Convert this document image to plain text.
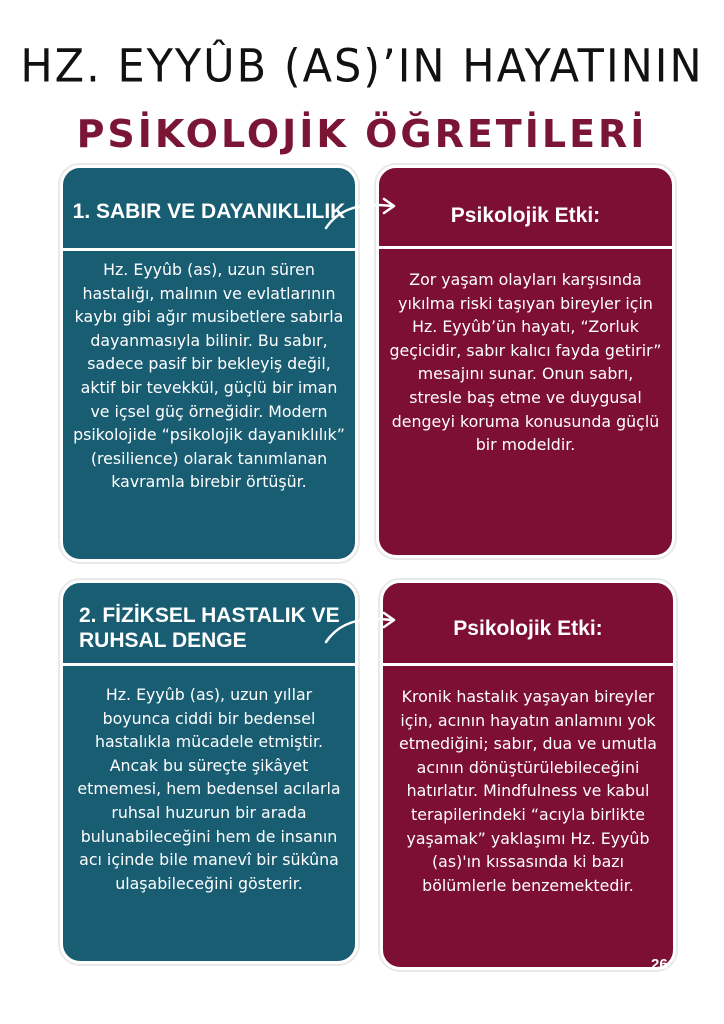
HZ. EYYÛB (AS)’IN HAYATININ
PSİKOLOJİK ÖĞRETİLERİ
1. SABIR VE DAYANIKLILIK
Hz. Eyyûb (as), uzun süren hastalığı, malının ve evlatlarının kaybı gibi ağır musibetlere sabırla dayanmasıyla bilinir. Bu sabır, sadece pasif bir bekleyiş değil, aktif bir tevekkül, güçlü bir iman ve içsel güç örneğidir. Modern psikolojide “psikolojik dayanıklılık” (resilience) olarak tanımlanan kavramla birebir örtüşür.
Psikolojik Etki:
Zor yaşam olayları karşısında yıkılma riski taşıyan bireyler için Hz. Eyyûb’ün hayatı, “Zorluk geçicidir, sabır kalıcı fayda getirir” mesajını sunar. Onun sabrı, stresle baş etme ve duygusal dengeyi koruma konusunda güçlü bir modeldir.
2. FİZİKSEL HASTALIK VE RUHSAL DENGE
Hz. Eyyûb (as), uzun yıllar boyunca ciddi bir bedensel hastalıkla mücadele etmiştir. Ancak bu süreçte şikâyet etmemesi, hem bedensel acılarla ruhsal huzurun bir arada bulunabileceğini hem de insanın acı içinde bile manevî bir sükûna ulaşabileceğini gösterir.
Psikolojik Etki:
Kronik hastalık yaşayan bireyler için, acının hayatın anlamını yok etmediğini; sabır, dua ve umutla acının dönüştürülebileceğini hatırlatır. Mindfulness ve kabul terapilerindeki “acıyla birlikte yaşamak” yaklaşımı Hz. Eyyûb (as)'ın kıssasında ki bazı bölümlerle benzemektedir.
26
